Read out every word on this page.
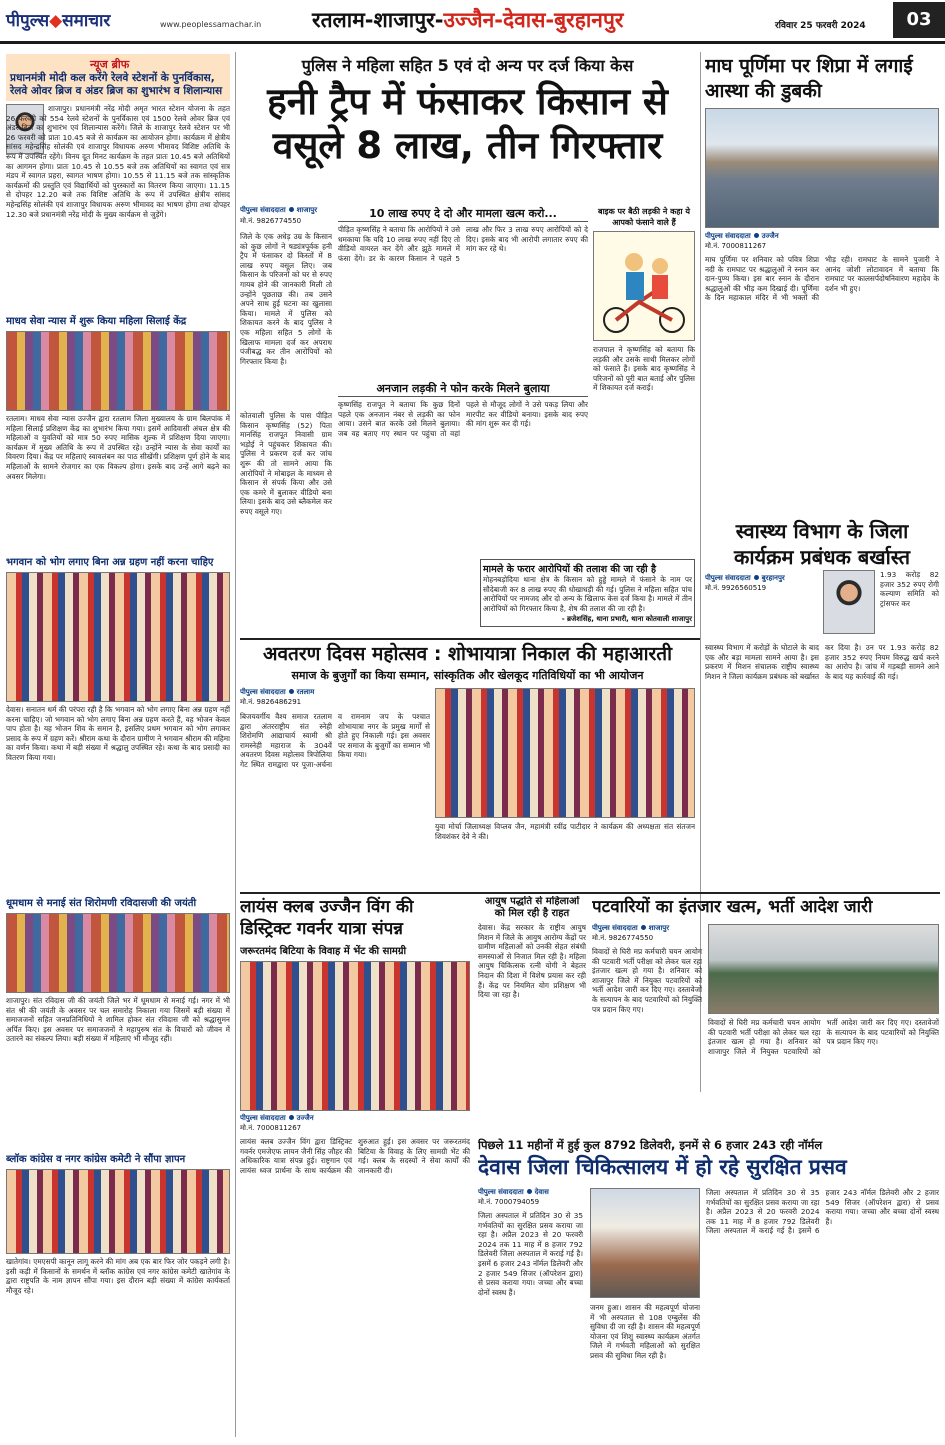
पीपुल्स◆समाचार	www.peoplessamachar.in रतलाम-शाजापुर-उज्जैन-देवास-बुरहानपुर	रविवार 25 फरवरी 2024	03
न्यूज ब्रीफ
प्रधानमंत्री मोदी कल करेंगे रेलवे स्टेशनों के पुनर्विकास, रेलवे ओवर ब्रिज व अंडर ब्रिज का शुभारंभ व शिलान्यास
शाजापुर। प्रधानमंत्री नरेंद्र मोदी अमृत भारत स्टेशन योजना के तहत 26 फरवरी को 554 रेलवे स्टेशनों के पुनर्विकास एवं 1500 रेलवे ओवर ब्रिज एवं अंडर ब्रिज का शुभारंभ एवं शिलान्यास करेंगे। जिले के शाजापुर रेलवे स्टेशन पर भी 26 फरवरी को प्रातः 10.45 बजे से कार्यक्रम का आयोजन होगा। कार्यक्रम में क्षेत्रीय सांसद महेन्द्रसिंह सोलंकी एवं शाजापुर विधायक अरुण भीमावद विशिष्ट अतिथि के रूप में उपस्थित रहेंगे। विनय दूत मिनट कार्यक्रम के तहत प्रातः 10.45 बजे अतिथियों का आगमन होगा। प्रातः 10.45 से 10.55 बजे तक अतिथियों का स्वागत एवं सत्र मंडप में स्वागत प्रहरा, स्वागत भाषण होगा। 10.55 से 11.15 बजे तक सांस्कृतिक कार्यक्रमों की प्रस्तुति एवं विद्यार्थियों को पुरस्कारों का वितरण किया जाएगा। 11.15 से दोपहर 12.20 बजे तक विशिष्ट अतिथि के रूप में उपस्थित क्षेत्रीय सांसद महेन्द्रसिंह सोलंकी एवं शाजापुर विधायक अरुण भीमावद का भाषण होगा तथा दोपहर 12.30 बजे प्रधानमंत्री नरेंद्र मोदी के मुख्य कार्यक्रम से जुड़ेंगे।
माधव सेवा न्यास में शुरू किया महिला सिलाई केंद्र
रतलाम। माधव सेवा न्यास उज्जैन द्वारा रतलाम जिला मुख्यालय के ग्राम बिलपांक में महिला सिलाई प्रशिक्षण केंद्र का शुभारंभ किया गया। इसमें आदिवासी अंचल क्षेत्र की महिलाओं व युवतियों को मात्र 50 रुपए मासिक शुल्क में प्रशिक्षण दिया जाएगा। कार्यक्रम में मुख्य अतिथि के रूप में उपस्थित रहे। उन्होंने न्यास के सेवा कार्यों का विवरण दिया। केंद्र पर महिलाएं स्वावलंबन का पाठ सीखेंगी। प्रशिक्षण पूर्ण होने के बाद महिलाओं के सामने रोजगार का एक विकल्प होगा। इसके बाद उन्हें आगे बढ़ने का अवसर मिलेगा।
भगवान को भोग लगाए बिना अन्न ग्रहण नहीं करना चाहिए
देवास। सनातन धर्म की परंपरा रही है कि भगवान को भोग लगाए बिना अन्न ग्रहण नहीं करना चाहिए। जो भगवान को भोग लगाए बिना अन्न ग्रहण करते हैं, वह भोजन केवल पाप होता है। यह भोजन शिव के समान है, इसलिए प्रथम भगवान को भोग लगाकर प्रसाद के रूप में ग्रहण करें। श्रीराम कथा के दौरान ग्रामीण ने भगवान श्रीराम की महिमा का वर्णन किया। कथा में बड़ी संख्या में श्रद्धालु उपस्थित रहे। कथा के बाद प्रसादी का वितरण किया गया।
धूमधाम से मनाई संत शिरोमणी रविदासजी की जयंती
शाजापुर। संत रविदास जी की जयंती जिले भर में धूमधाम से मनाई गई। नगर में भी संत श्री की जयंती के अवसर पर चल समारोह निकाला गया जिसमें बड़ी संख्या में समाजजनों सहित जनप्रतिनिधियों ने शामिल होकर संत रविदास जी को श्रद्धासुमन अर्पित किए। इस अवसर पर समाजजनों ने महापुरुष संत के विचारों को जीवन में उतारने का संकल्प लिया। बड़ी संख्या में महिलाएं भी मौजूद रहीं।
ब्लॉक कांग्रेस व नगर कांग्रेस कमेटी ने सौंपा ज्ञापन
खातेगांव। एमएसपी कानून लागू करने की मांग अब एक बार फिर जोर पकड़ने लगी है। इसी कड़ी में किसानों के समर्थन में ब्लॉक कांग्रेस एवं नगर कांग्रेस कमेटी खातेगांव के द्वारा राष्ट्रपति के नाम ज्ञापन सौंपा गया। इस दौरान बड़ी संख्या में कांग्रेस कार्यकर्ता मौजूद रहे।
पुलिस ने महिला सहित 5 एवं दो अन्य पर दर्ज किया केस
हनी ट्रैप में फंसाकर किसान से
वसूले 8 लाख, तीन गिरफ्तार
पीपुल्स संवाददाता शाजापुर
मो.नं. 9826774550
जिले के एक अधेड़ उम्र के किसान को कुछ लोगों ने षड्यंत्रपूर्वक हनी ट्रैप में फंसाकर दो किस्तों में 8 लाख रुपए वसूल लिए। जब किसान के परिजनों को घर से रुपए गायब होने की जानकारी मिली तो उन्होंने पूछताछ की। तब उसने अपने साथ हुई घटना का खुलासा किया। मामले में पुलिस को शिकायत करने के बाद पुलिस ने एक महिला सहित 5 लोगों के खिलाफ मामला दर्ज कर अपराध पंजीबद्ध कर तीन आरोपियों को गिरफ्तार किया है।
कोतवाली पुलिस के पास पीड़ित किसान कृष्णसिंह (52) पिता मानसिंह राजपूत निवासी ग्राम भड़ोई ने पहुंचकर शिकायत की। पुलिस ने प्रकरण दर्ज कर जांच शुरू की तो सामने आया कि आरोपियों ने मोबाइल के माध्यम से किसान से संपर्क किया और उसे एक कमरे में बुलाकर वीडियो बना लिया। इसके बाद उसे ब्लैकमेल कर रुपए वसूले गए।
10 लाख रुपए दे दो और मामला खत्म करो...
पीड़ित कृष्णसिंह ने बताया कि आरोपियों ने उसे धमकाया कि यदि 10 लाख रुपए नहीं दिए तो वीडियो वायरल कर देंगे और झूठे मामले में फंसा देंगे। डर के कारण किसान ने पहले 5 लाख और फिर 3 लाख रुपए आरोपियों को दे दिए। इसके बाद भी आरोपी लगातार रुपए की मांग कर रहे थे।
अनजान लड़की ने फोन करके मिलने बुलाया
कृष्णसिंह राजपूत ने बताया कि कुछ दिनों पहले एक अनजान नंबर से लड़की का फोन आया। उसने बात करके उसे मिलने बुलाया। जब वह बताए गए स्थान पर पहुंचा तो वहां पहले से मौजूद लोगों ने उसे पकड़ लिया और मारपीट कर वीडियो बनाया। इसके बाद रुपए की मांग शुरू कर दी गई।
बाइक पर बैठी लड़की ने कहा ये आपको फंसाने वाले हैं
राजपाल ने कृष्णसिंह को बताया कि लड़की और उसके साथी मिलकर लोगों को फंसाते हैं। इसके बाद कृष्णसिंह ने परिजनों को पूरी बात बताई और पुलिस में शिकायत दर्ज कराई।
मामले के फरार आरोपियों की तलाश की जा रही है
मोहनबड़ोदिया थाना क्षेत्र के किसान को हुड्डे मामले में फंसाने के नाम पर सौदेबाजी कर 8 लाख रुपए की धोखाधड़ी की गई। पुलिस ने महिला सहित पांच आरोपियों पर नामजद और दो अन्य के खिलाफ केस दर्ज किया है। मामले में तीन आरोपियों को गिरफ्तार किया है, शेष की तलाश की जा रही है।
- ब्रजेशसिंह, थाना प्रभारी, थाना कोतवाली शाजापुर
माघ पूर्णिमा पर शिप्रा में लगाई आस्था की डुबकी
पीपुल्स संवाददाता उज्जैन
मो.नं. 7000811267
माघ पूर्णिमा पर शनिवार को पवित्र शिप्रा नदी के रामघाट पर श्रद्धालुओं ने स्नान कर दान-पुण्य किया। इस बार स्नान के दौरान श्रद्धालुओं की भीड़ कम दिखाई दी। पूर्णिमा के दिन महाकाल मंदिर में भी भक्तों की भीड़ रही। रामघाट के सामने पुजारी ने आनंद जोशी लोटावादन में बताया कि रामघाट पर कालसर्पदोषनिवारण महादेव के दर्शन भी हुए।
स्वास्थ्य विभाग के जिला कार्यक्रम प्रबंधक बर्खास्त
पीपुल्स संवाददाता बुरहानपुर
मो.नं. 9926560519
1.93 करोड़ 82 हजार 352 रुपए रोगी कल्याण समिति को ट्रांसफर कर
स्वास्थ्य विभाग में करोड़ों के घोटाले के बाद एक और बड़ा मामला सामने आया है। इस प्रकरण में मिशन संचालक राष्ट्रीय स्वास्थ्य मिशन ने जिला कार्यक्रम प्रबंधक को बर्खास्त कर दिया है। उन पर 1.93 करोड़ 82 हजार 352 रुपए नियम विरुद्ध खर्च करने का आरोप है। जांच में गड़बड़ी सामने आने के बाद यह कार्रवाई की गई।
अवतरण दिवस महोत्सव : शोभायात्रा निकाल की महाआरती
समाज के बुजुर्गों का किया सम्मान, सांस्कृतिक और खेलकूद गतिविधियों का भी आयोजन
पीपुल्स संवाददाता रतलाम
मो.नं. 9826486291
बिजयवर्गीय वैश्य समाज रतलाम द्वारा अंतरराष्ट्रीय संत स्नेही शिरोमणि आद्याचार्य स्वामी श्री रामस्नेही महाराज के 304वें अवतरण दिवस महोत्सव त्रिपोलिया गेट स्थित रामद्वारा पर पूजा-अर्चना व रामनाम जप के पश्चात शोभायात्रा नगर के प्रमुख मार्गों से होते हुए निकाली गई। इस अवसर पर समाज के बुजुर्गों का सम्मान भी किया गया।
युवा मोर्चा जिलाध्यक्ष विप्लव जैन, महामंत्री रवींद्र पाटीदार ने कार्यक्रम की अध्यक्षता संत संतजन शिवशंकर देवे ने की।
लायंस क्लब उज्जैन विंग की डिस्ट्रिक्ट गवर्नर यात्रा संपन्न
जरूरतमंद बिटिया के विवाह में भेंट की सामग्री
पीपुल्स संवाददाता उज्जैन
मो.नं. 7000811267
लायंस क्लब उज्जैन विंग द्वारा डिस्ट्रिक्ट गवर्नर एमजेएफ लायन जैनी सिंह जौहर की अधिकारिक यात्रा संपन्न हुई। राष्ट्रगान एवं लायंस ध्वज प्रार्थना के साथ कार्यक्रम की शुरुआत हुई। इस अवसर पर जरूरतमंद बिटिया के विवाह के लिए सामग्री भेंट की गई। क्लब के सदस्यों ने सेवा कार्यों की जानकारी दी।
आयुष पद्धति से महिलाओं को मिल रही है राहत
देवास। केंद्र सरकार के राष्ट्रीय आयुष मिशन में जिले के आयुष आरोग्य केंद्रों पर ग्रामीण महिलाओं को उनकी सेहत संबंधी समस्याओं से निजात मिल रही है। महिला आयुष चिकित्सक रत्नी योगी ने बेहतर निदान की दिशा में विशेष प्रयास कर रही हैं। केंद्र पर नियमित योग प्रशिक्षण भी दिया जा रहा है।
पटवारियों का इंतजार खत्म, भर्ती आदेश जारी
पीपुल्स संवाददाता शाजापुर
मो.नं. 9826774550
विवादों से घिरी मप्र कर्मचारी चयन आयोग की पटवारी भर्ती परीक्षा को लेकर चल रहा इंतजार खत्म हो गया है। शनिवार को शाजापुर जिले में नियुक्त पटवारियों को भर्ती आदेश जारी कर दिए गए। दस्तावेजों के सत्यापन के बाद पटवारियों को नियुक्ति पत्र प्रदान किए गए।
विवादों से घिरी मप्र कर्मचारी चयन आयोग की पटवारी भर्ती परीक्षा को लेकर चल रहा इंतजार खत्म हो गया है। शनिवार को शाजापुर जिले में नियुक्त पटवारियों को भर्ती आदेश जारी कर दिए गए। दस्तावेजों के सत्यापन के बाद पटवारियों को नियुक्ति पत्र प्रदान किए गए।
पिछले 11 महीनों में हुई कुल 8792 डिलेवरी, इनमें से 6 हजार 243 रही नॉर्मल
देवास जिला चिकित्सालय में हो रहे सुरक्षित प्रसव
पीपुल्स संवाददाता देवास
मो.नं. 7000794059
जिला अस्पताल में प्रतिदिन 30 से 35 गर्भवतियों का सुरक्षित प्रसव कराया जा रहा है। अप्रैल 2023 से 20 फरवरी 2024 तक 11 माह में 8 हजार 792 डिलेवरी जिला अस्पताल में कराई गई है। इसमें 6 हजार 243 नॉर्मल डिलेवरी और 2 हजार 549 सिजर (ऑपरेशन द्वारा) से प्रसव कराया गया। जच्चा और बच्चा दोनों स्वस्थ हैं।
जनम हुआ। शासन की महत्वपूर्ण योजना में भी अस्पताल से 108 एम्बुलेंस की सुविधा दी जा रही है। शासन की महत्वपूर्ण योजना एवं शिशु स्वास्थ्य कार्यक्रम अंतर्गत जिले में गर्भवती महिलाओं को सुरक्षित प्रसव की सुविधा मिल रही है।
जिला अस्पताल में प्रतिदिन 30 से 35 गर्भवतियों का सुरक्षित प्रसव कराया जा रहा है। अप्रैल 2023 से 20 फरवरी 2024 तक 11 माह में 8 हजार 792 डिलेवरी जिला अस्पताल में कराई गई है। इसमें 6 हजार 243 नॉर्मल डिलेवरी और 2 हजार 549 सिजर (ऑपरेशन द्वारा) से प्रसव कराया गया। जच्चा और बच्चा दोनों स्वस्थ हैं।
